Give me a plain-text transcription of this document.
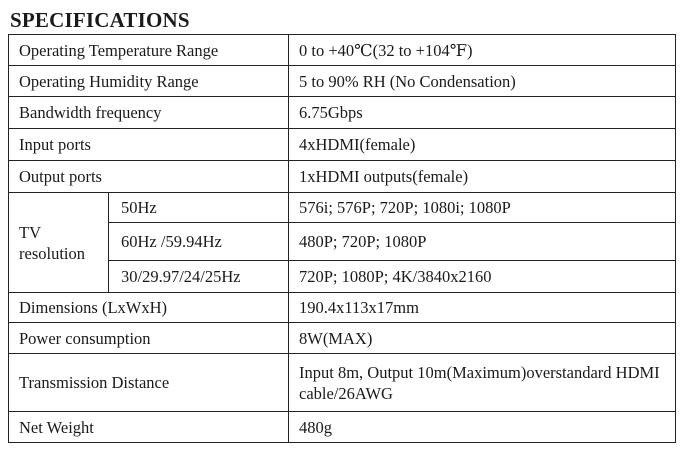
SPECIFICATIONS
Operating Temperature Range		0 to +40℃(32 to +104℉)
Operating Humidity Range		5 to 90% RH (No Condensation)
Bandwidth frequency		6.75Gbps
Input ports		4xHDMI(female)
Output ports		1xHDMI outputs(female)
TV resolution	50Hz	576i; 576P; 720P; 1080i; 1080P
	60Hz /59.94Hz	480P; 720P; 1080P
	30/29.97/24/25Hz	720P; 1080P; 4K/3840x2160
Dimensions (LxWxH)		190.4x113x17mm
Power consumption		8W(MAX)
Transmission Distance		Input 8m, Output 10m(Maximum)overstandard HDMI cable/26AWG
Net Weight		480g
